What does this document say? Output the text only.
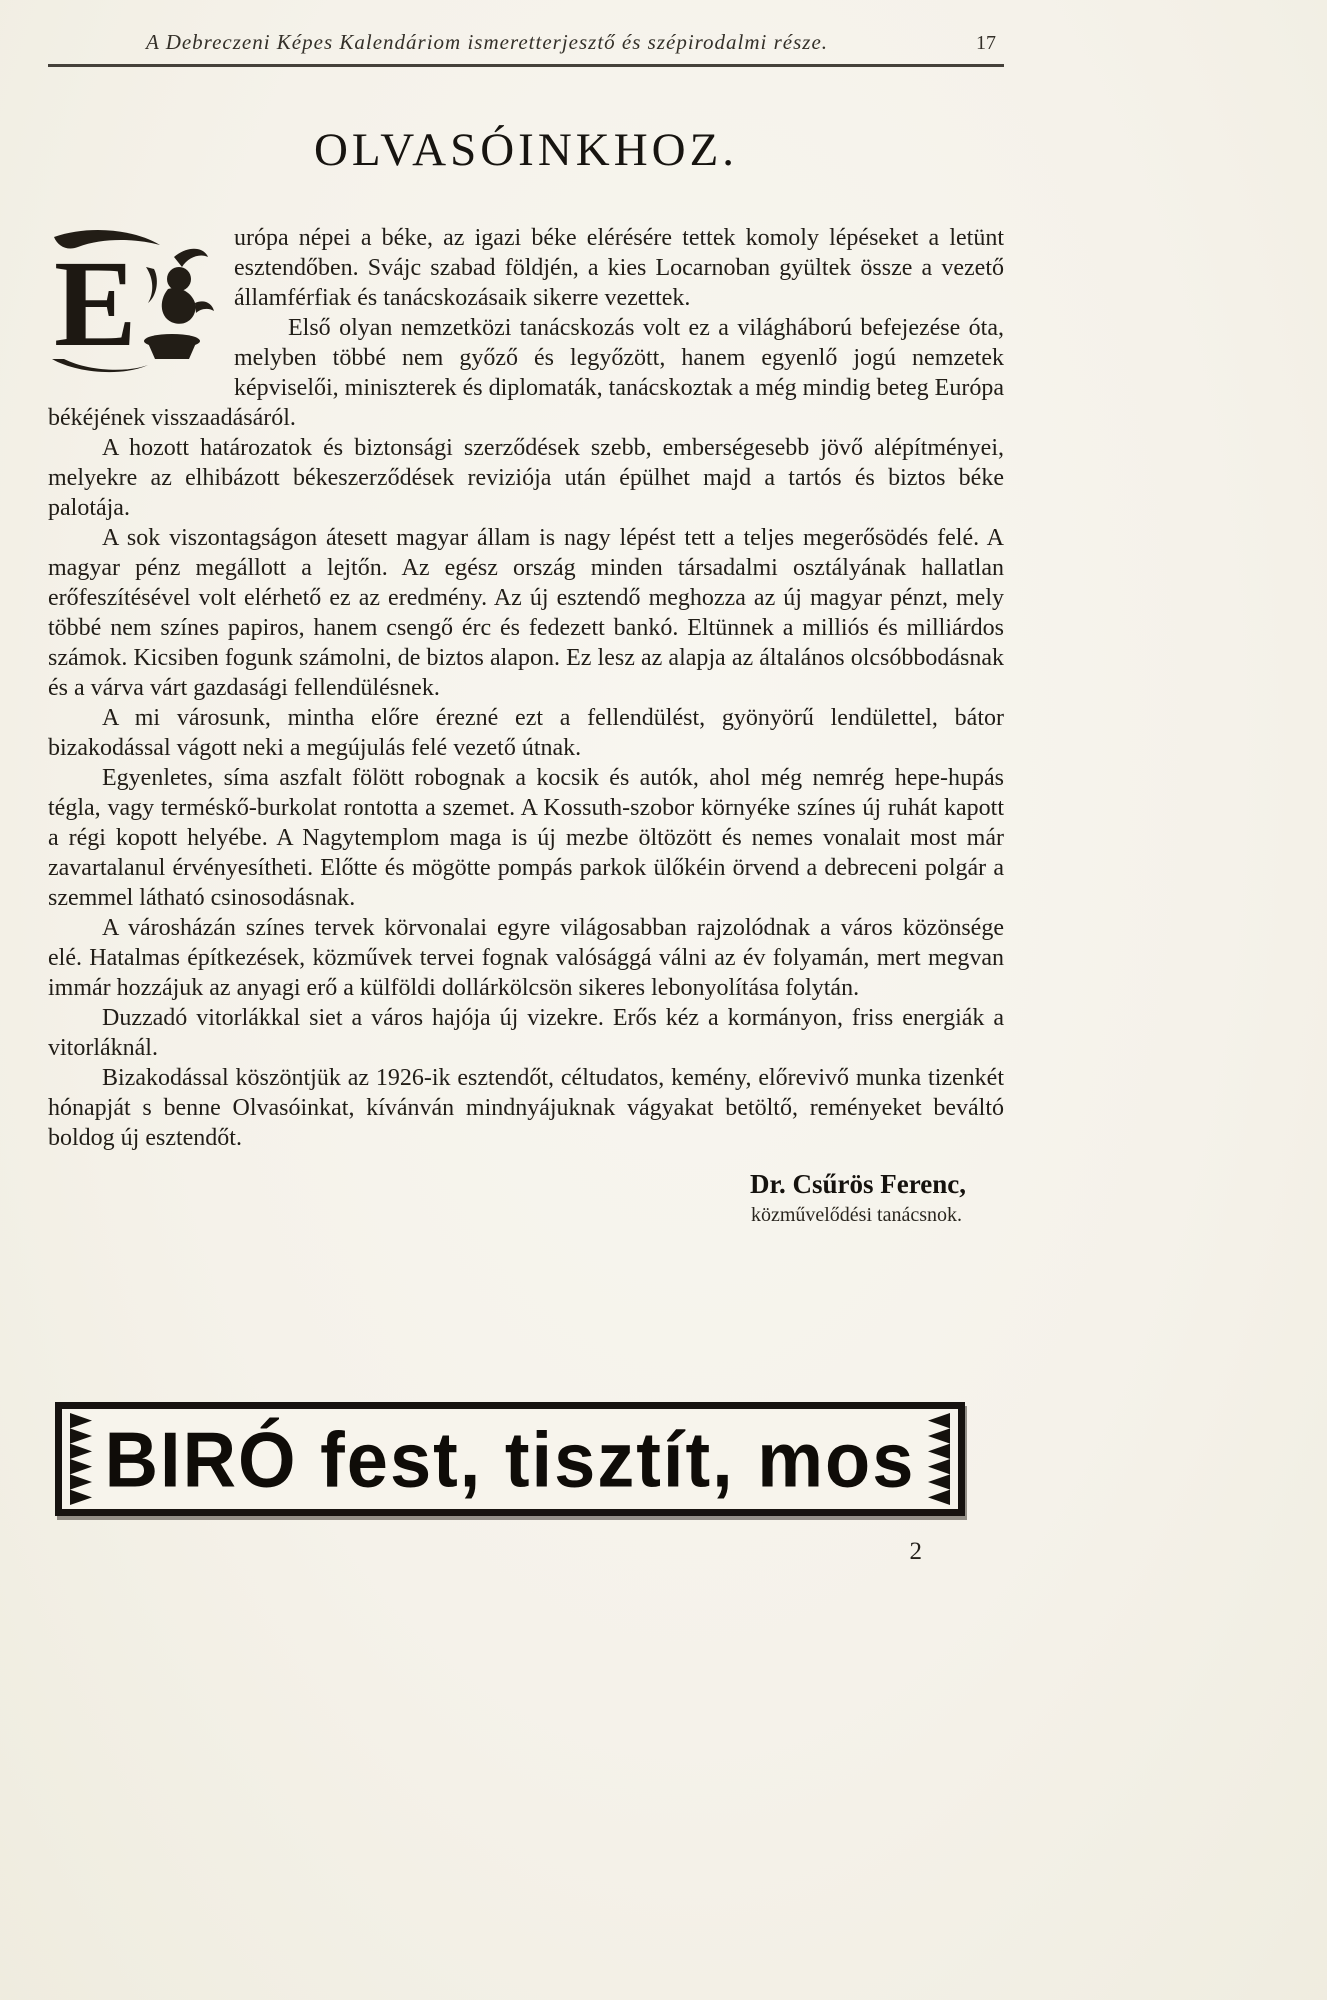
A Debreczeni Képes Kalendáriom ismeretterjesztő és szépirodalmi része.	17
OLVASÓINKHOZ.
E	urópa népei a béke, az igazi béke elérésére tettek komoly lépéseket a letünt esztendőben. Svájc szabad földjén, a kies Locarnoban gyültek össze a vezető államférfiak és tanácskozásaik sikerre vezettek.

Első olyan nemzetközi tanácskozás volt ez a világháború befejezése óta, melyben többé nem győző és legyőzött, hanem egyenlő jogú nemzetek képviselői, miniszterek és diplomaták, tanácskoztak a még mindig beteg Európa békéjének visszaadásáról.

A hozott határozatok és biztonsági szerződések szebb, emberségesebb jövő alépítményei, melyekre az elhibázott békeszerződések reviziója után épülhet majd a tartós és biztos béke palotája.

A sok viszontagságon átesett magyar állam is nagy lépést tett a teljes megerősödés felé. A magyar pénz megállott a lejtőn. Az egész ország minden társadalmi osztályának hallatlan erőfeszítésével volt elérhető ez az eredmény. Az új esztendő meghozza az új magyar pénzt, mely többé nem színes papiros, hanem csengő érc és fedezett bankó. Eltünnek a milliós és milliárdos számok. Kicsiben fogunk számolni, de biztos alapon. Ez lesz az alapja az általános olcsóbbodásnak és a várva várt gazdasági fellendülésnek.

A mi városunk, mintha előre érezné ezt a fellendülést, gyönyörű lendülettel, bátor bizakodással vágott neki a megújulás felé vezető útnak.

Egyenletes, síma aszfalt fölött robognak a kocsik és autók, ahol még nemrég hepe-hupás tégla, vagy terméskő-burkolat rontotta a szemet. A Kossuth-szobor környéke színes új ruhát kapott a régi kopott helyébe. A Nagytemplom maga is új mezbe öltözött és nemes vonalait most már zavartalanul érvényesítheti. Előtte és mögötte pompás parkok ülőkéin örvend a debreceni polgár a szemmel látható csinosodásnak.

A városházán színes tervek körvonalai egyre világosabban rajzolódnak a város közönsége elé. Hatalmas építkezések, közművek tervei fognak valósággá válni az év folyamán, mert megvan immár hozzájuk az anyagi erő a külföldi dollárkölcsön sikeres lebonyolítása folytán.

Duzzadó vitorlákkal siet a város hajója új vizekre. Erős kéz a kormányon, friss energiák a vitorláknál.

Bizakodással köszöntjük az 1926-ik esztendőt, céltudatos, kemény, előrevivő munka tizenkét hónapját s benne Olvasóinkat, kívánván mindnyájuknak vágyakat betöltő, reményeket beváltó boldog új esztendőt.

Dr. Csűrös Ferenc,
közművelődési tanácsnok.
BIRÓ fest, tisztít, mos
2
